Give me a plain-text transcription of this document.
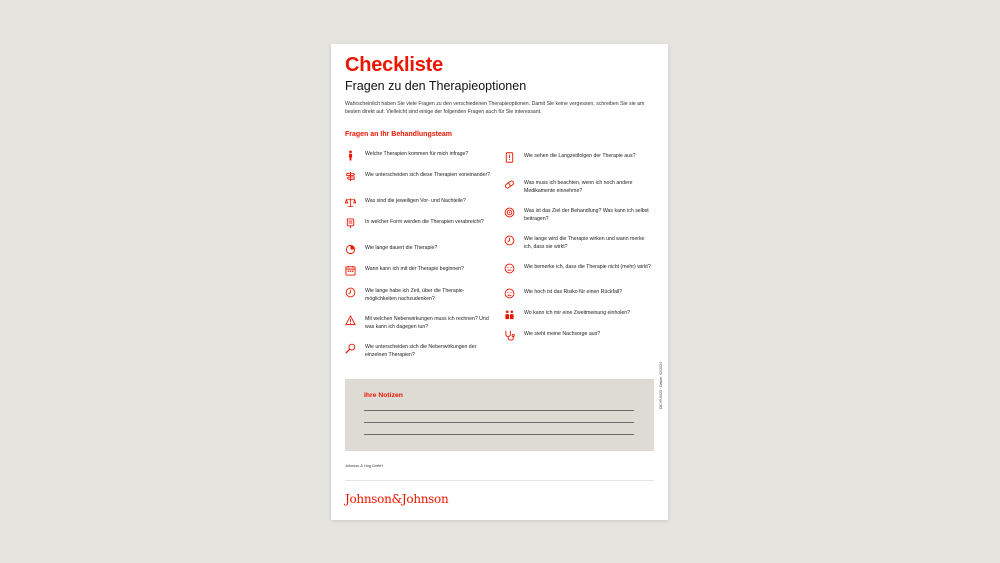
Checkliste
Fragen zu den Therapieoptionen
Wahrscheinlich haben Sie viele Fragen zu den verschiedenen Therapieoptionen. Damit Sie keine vergessen, schreiben Sie sie am besten direkt auf. Vielleicht sind einige der folgenden Fragen auch für Sie interessant.
Fragen an Ihr Behandlungsteam
Welche Therapien kommen für mich infrage?
Wie unterscheiden sich diese Therapien voneinander?
Was sind die jeweiligen Vor- und Nachteile?
In welcher Form werden die Therapien verabreicht?
Wie lange dauert die Therapie?
Wann kann ich mit der Therapie beginnen?
Wie lange habe ich Zeit, über die Therapie-möglichkeiten nachzudenken?
Mit welchen Nebenwirkungen muss ich rechnen? Und was kann ich dagegen tun?
Wie unterscheiden sich die Nebenwirkungen der einzelnen Therapien?
Wie sehen die Langzeitfolgen der Therapie aus?
Was muss ich beachten, wenn ich noch andere Medikamente einnehme?
Was ist das Ziel der Behandlung? Was kann ich selbst beitragen?
Wie lange wird die Therapie wirken und wann merke ich, dass sie wirkt?
Wie bemerke ich, dass die Therapie nicht (mehr) wirkt?
Wie hoch ist das Risiko für einen Rückfall?
Wo kann ich mir eine Zweitmeinung einholen?
Wie sieht meine Nachsorge aus?
Ihre Notizen	DE-99-0023 · Datum: 02/2024
Johnson & Hug GmbH
Johnson&Johnson
